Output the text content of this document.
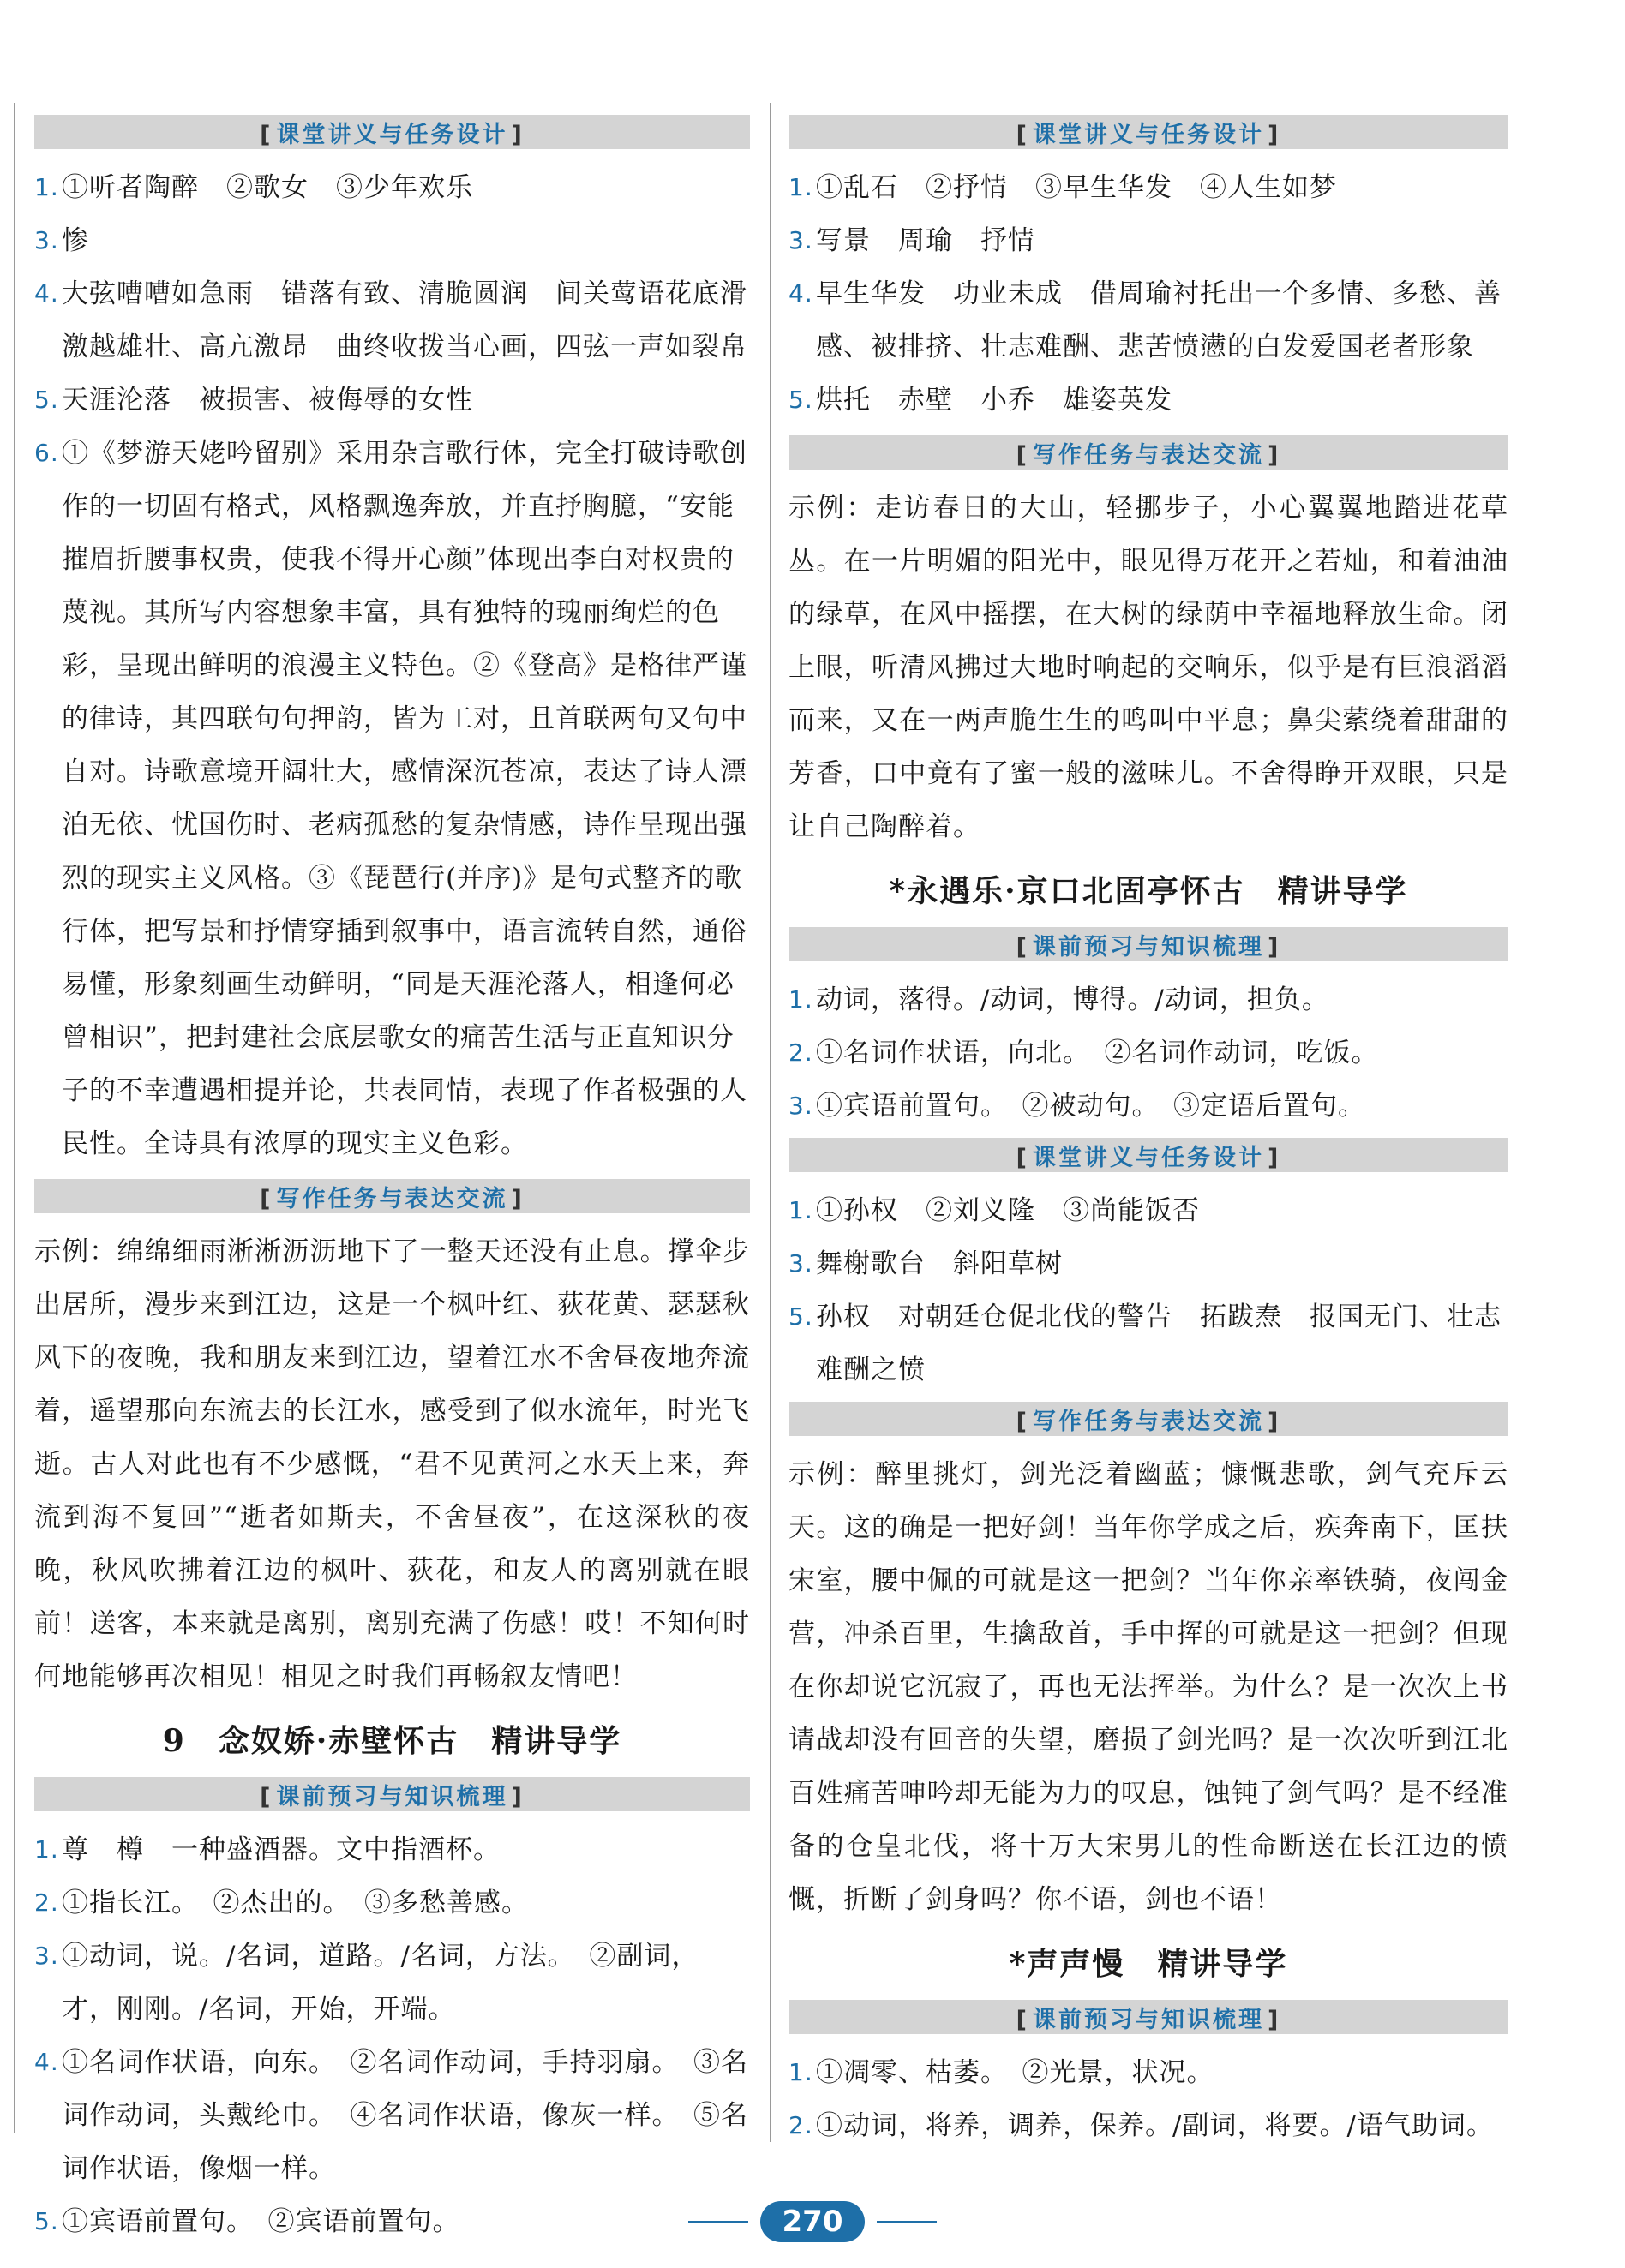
[ 课堂讲义与任务设计 ]
1. ①听者陶醉　②歌女　③少年欢乐
3. 惨
4. 大弦嘈嘈如急雨　错落有致、清脆圆润　间关莺语花底滑　激越雄壮、高亢激昂　曲终收拨当心画，四弦一声如裂帛
5. 天涯沦落　被损害、被侮辱的女性
6. ①《梦游天姥吟留别》采用杂言歌行体，完全打破诗歌创作的一切固有格式，风格飘逸奔放，并直抒胸臆，“安能摧眉折腰事权贵，使我不得开心颜”体现出李白对权贵的蔑视。其所写内容想象丰富，具有独特的瑰丽绚烂的色彩，呈现出鲜明的浪漫主义特色。②《登高》是格律严谨的律诗，其四联句句押韵，皆为工对，且首联两句又句中自对。诗歌意境开阔壮大，感情深沉苍凉，表达了诗人漂泊无依、忧国伤时、老病孤愁的复杂情感，诗作呈现出强烈的现实主义风格。③《琵琶行(并序)》是句式整齐的歌行体，把写景和抒情穿插到叙事中，语言流转自然，通俗易懂，形象刻画生动鲜明，“同是天涯沦落人，相逢何必曾相识”，把封建社会底层歌女的痛苦生活与正直知识分子的不幸遭遇相提并论，共表同情，表现了作者极强的人民性。全诗具有浓厚的现实主义色彩。
[ 写作任务与表达交流 ]
示例：绵绵细雨淅淅沥沥地下了一整天还没有止息。撑伞步出居所，漫步来到江边，这是一个枫叶红、荻花黄、瑟瑟秋风下的夜晚，我和朋友来到江边，望着江水不舍昼夜地奔流着，遥望那向东流去的长江水，感受到了似水流年，时光飞逝。古人对此也有不少感慨，“君不见黄河之水天上来，奔流到海不复回”“逝者如斯夫，不舍昼夜”，在这深秋的夜晚，秋风吹拂着江边的枫叶、荻花，和友人的离别就在眼前！送客，本来就是离别，离别充满了伤感！哎！不知何时何地能够再次相见！相见之时我们再畅叙友情吧！
9　念奴娇·赤壁怀古　精讲导学
[ 课前预习与知识梳理 ]
1. 尊　樽　一种盛酒器。文中指酒杯。
2. ①指长江。　②杰出的。　③多愁善感。
3. ①动词，说。/名词，道路。/名词，方法。　②副词，才，刚刚。/名词，开始，开端。
4. ①名词作状语，向东。　②名词作动词，手持羽扇。　③名词作动词，头戴纶巾。　④名词作状语，像灰一样。　⑤名词作状语，像烟一样。
5. ①宾语前置句。　②宾语前置句。
[ 课堂讲义与任务设计 ]
1. ①乱石　②抒情　③早生华发　④人生如梦
3. 写景　周瑜　抒情
4. 早生华发　功业未成　借周瑜衬托出一个多情、多愁、善感、被排挤、壮志难酬、悲苦愤懑的白发爱国老者形象
5. 烘托　赤壁　小乔　雄姿英发
[ 写作任务与表达交流 ]
示例：走访春日的大山，轻挪步子，小心翼翼地踏进花草丛。在一片明媚的阳光中，眼见得万花开之若灿，和着油油的绿草，在风中摇摆，在大树的绿荫中幸福地释放生命。闭上眼，听清风拂过大地时响起的交响乐，似乎是有巨浪滔滔而来，又在一两声脆生生的鸣叫中平息；鼻尖萦绕着甜甜的芳香，口中竟有了蜜一般的滋味儿。不舍得睁开双眼，只是让自己陶醉着。
*永遇乐·京口北固亭怀古　精讲导学
[ 课前预习与知识梳理 ]
1. 动词，落得。/动词，博得。/动词，担负。
2. ①名词作状语，向北。　②名词作动词，吃饭。
3. ①宾语前置句。　②被动句。　③定语后置句。
[ 课堂讲义与任务设计 ]
1. ①孙权　②刘义隆　③尚能饭否
3. 舞榭歌台　斜阳草树
5. 孙权　对朝廷仓促北伐的警告　拓跋焘　报国无门、壮志难酬之愤
[ 写作任务与表达交流 ]
示例：醉里挑灯，剑光泛着幽蓝；慷慨悲歌，剑气充斥云天。这的确是一把好剑！当年你学成之后，疾奔南下，匡扶宋室，腰中佩的可就是这一把剑？当年你亲率铁骑，夜闯金营，冲杀百里，生擒敌首，手中挥的可就是这一把剑？但现在你却说它沉寂了，再也无法挥举。为什么？是一次次上书请战却没有回音的失望，磨损了剑光吗？是一次次听到江北百姓痛苦呻吟却无能为力的叹息，蚀钝了剑气吗？是不经准备的仓皇北伐，将十万大宋男儿的性命断送在长江边的愤慨，折断了剑身吗？你不语，剑也不语！
*声声慢　精讲导学
[ 课前预习与知识梳理 ]
1. ①凋零、枯萎。　②光景，状况。
2. ①动词，将养，调养，保养。/副词，将要。/语气助词。
270
